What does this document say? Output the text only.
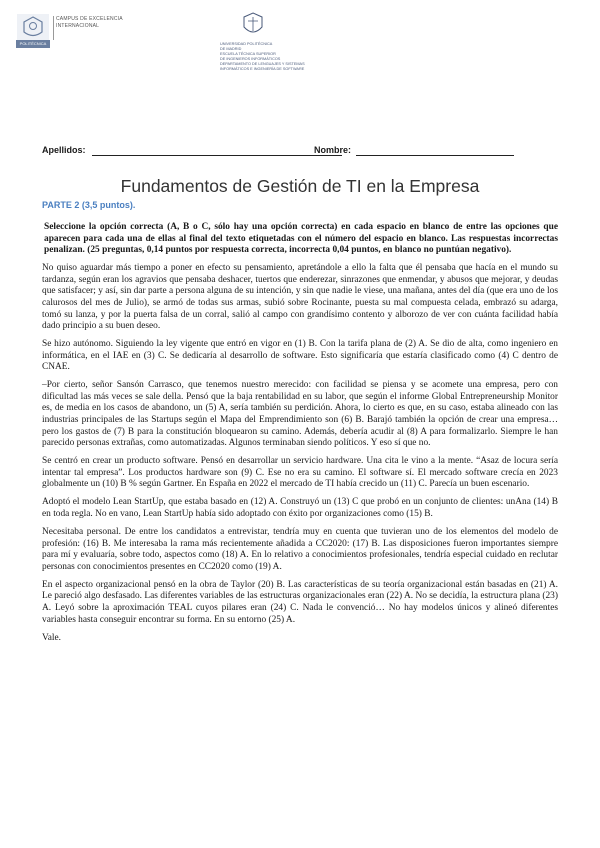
POLITÉCNICA
CAMPUS DE EXCELENCIA INTERNACIONAL
UNIVERSIDAD POLITÉCNICA
DE MADRID
ESCUELA TÉCNICA SUPERIOR
DE INGENIEROS INFORMÁTICOS
DEPARTAMENTO DE LENGUAJES Y SISTEMAS
INFORMÁTICOS E INGENIERÍA DE SOFTWARE
Apellidos:	Nombre:
Fundamentos de Gestión de TI en la Empresa
PARTE 2 (3,5 puntos).

Seleccione la opción correcta (A, B o C, sólo hay una opción correcta) en cada espacio en blanco de entre las opciones que aparecen para cada una de ellas al final del texto etiquetadas con el número del espacio en blanco. Las respuestas incorrectas penalizan. (25 preguntas, 0,14 puntos por respuesta correcta, incorrecta 0,04 puntos, en blanco no puntúan negativo).

No quiso aguardar más tiempo a poner en efecto su pensamiento, apretándole a ello la falta que él pensaba que hacía en el mundo su tardanza, según eran los agravios que pensaba deshacer, tuertos que enderezar, sinrazones que enmendar, y abusos que mejorar, y deudas que satisfacer; y así, sin dar parte a persona alguna de su intención, y sin que nadie le viese, una mañana, antes del día (que era uno de los calurosos del mes de Julio), se armó de todas sus armas, subió sobre Rocinante, puesta su mal compuesta celada, embrazó su adarga, tomó su lanza, y por la puerta falsa de un corral, salió al campo con grandísimo contento y alborozo de ver con cuánta facilidad había dado principio a su buen deseo.

Se hizo autónomo. Siguiendo la ley vigente que entró en vigor en (1) B. Con la tarifa plana de (2) A. Se dio de alta, como ingeniero en informática, en el IAE en (3) C. Se dedicaría al desarrollo de software. Esto significaría que estaría clasificado como (4) C dentro de CNAE.

–Por cierto, señor Sansón Carrasco, que tenemos nuestro merecido: con facilidad se piensa y se acomete una empresa, pero con dificultad las más veces se sale della. Pensó que la baja rentabilidad en su labor, que según el informe Global Entrepreneurship Monitor es, de media en los casos de abandono, un (5) A, sería también su perdición. Ahora, lo cierto es que, en su caso, estaba alineado con las industrias principales de las Startups según el Mapa del Emprendimiento son (6) B. Barajó también la opción de crear una empresa… pero los gastos de (7) B para la constitución bloquearon su camino. Además, debería acudir al (8) A para formalizarlo. Siempre le han parecido personas extrañas, como automatizadas. Algunos terminaban siendo políticos. Y eso sí que no.

Se centró en crear un producto software. Pensó en desarrollar un servicio hardware. Una cita le vino a la mente. “Asaz de locura sería intentar tal empresa”. Los productos hardware son (9) C. Ese no era su camino. El software sí. El mercado software crecía en 2023 globalmente un (10) B % según Gartner. En España en 2022 el mercado de TI había crecido un (11) C. Parecía un buen escenario.

Adoptó el modelo Lean StartUp, que estaba basado en (12) A. Construyó un (13) C que probó en un conjunto de clientes: unAna (14) B en toda regla. No en vano, Lean StartUp había sido adoptado con éxito por organizaciones como (15) B.

Necesitaba personal. De entre los candidatos a entrevistar, tendría muy en cuenta que tuvieran uno de los elementos del modelo de profesión: (16) B. Me interesaba la rama más recientemente añadida a CC2020: (17) B. Las disposiciones fueron importantes siempre para mí y evaluaría, sobre todo, aspectos como (18) A. En lo relativo a conocimientos profesionales, tendría especial cuidado en reclutar personas con conocimientos presentes en CC2020 como (19) A.

En el aspecto organizacional pensó en la obra de Taylor (20) B. Las características de su teoría organizacional están basadas en (21) A. Le pareció algo desfasado. Las diferentes variables de las estructuras organizacionales eran (22) A. No se decidía, la estructura plana (23) A. Leyó sobre la aproximación TEAL cuyos pilares eran (24) C. Nada le convenció… No hay modelos únicos y alineó diferentes variables hasta conseguir encontrar su forma. En su entorno (25) A.

Vale.
